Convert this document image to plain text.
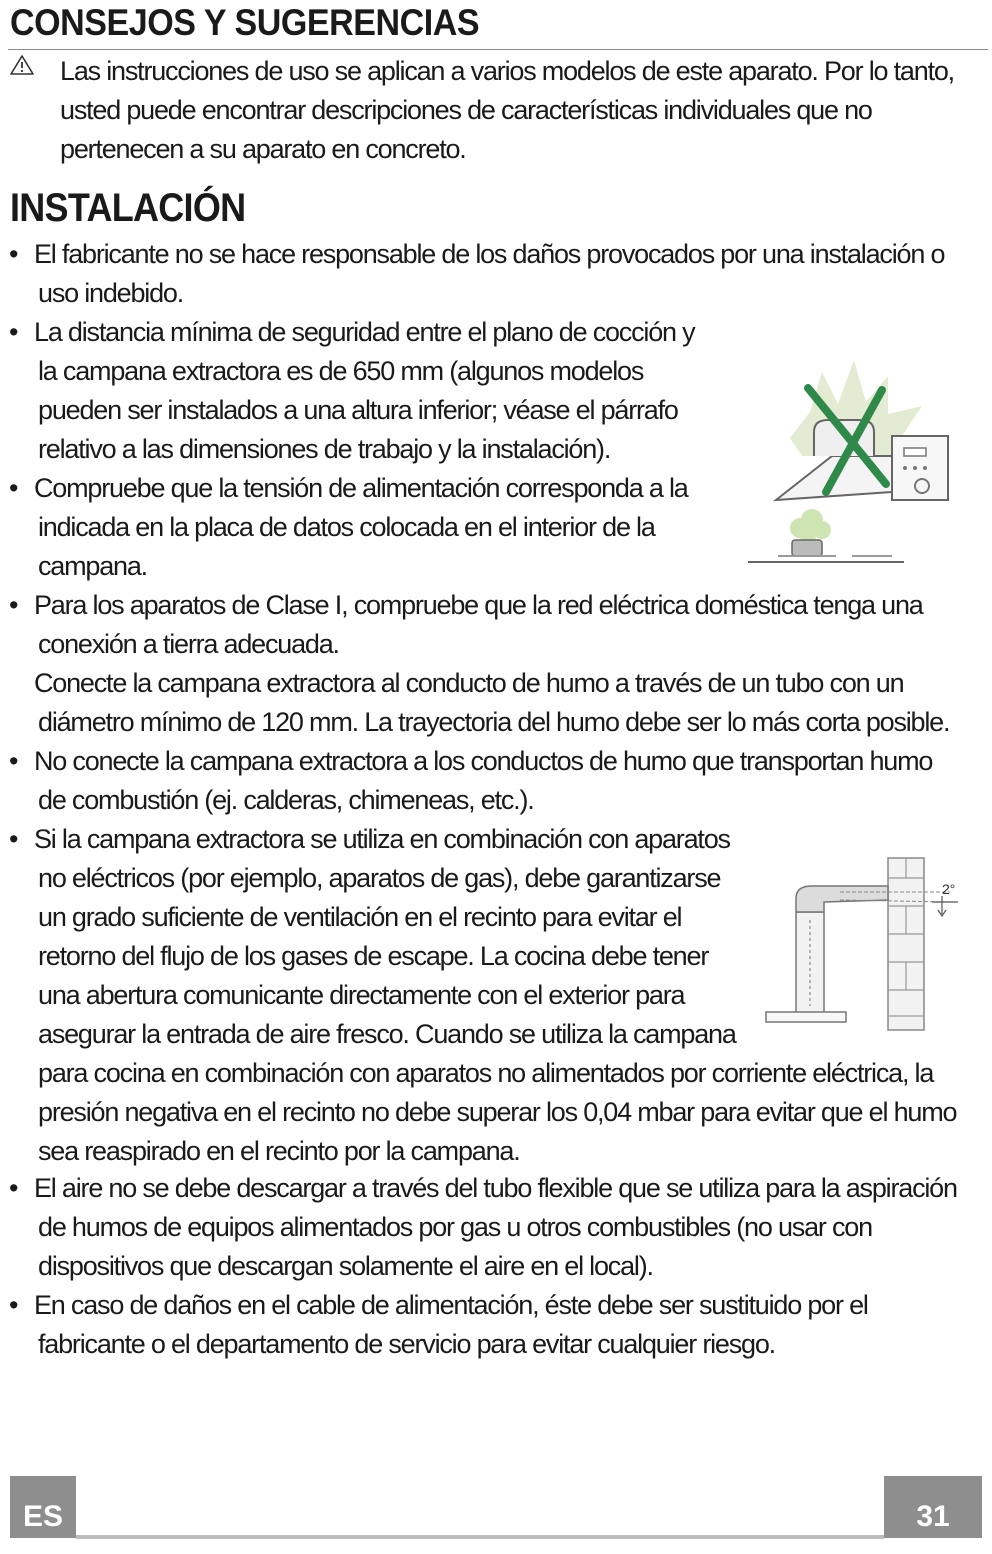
CONSEJOS Y SUGERENCIAS
Las instrucciones de uso se aplican a varios modelos de este aparato. Por lo tanto,
usted puede encontrar descripciones de características individuales que no
pertenecen a su aparato en concreto.
INSTALACIÓN
• El fabricante no se hace responsable de los daños provocados por una instalación o
uso indebido.
• La distancia mínima de seguridad entre el plano de cocción y
la campana extractora es de 650 mm (algunos modelos
pueden ser instalados a una altura inferior; véase el párrafo
relativo a las dimensiones de trabajo y la instalación).
• Compruebe que la tensión de alimentación corresponda a la
indicada en la placa de datos colocada en el interior de la
campana.
• Para los aparatos de Clase I, compruebe que la red eléctrica doméstica tenga una
conexión a tierra adecuada.
Conecte la campana extractora al conducto de humo a través de un tubo con un
diámetro mínimo de 120 mm. La trayectoria del humo debe ser lo más corta posible.
• No conecte la campana extractora a los conductos de humo que transportan humo
de combustión (ej. calderas, chimeneas, etc.).
• Si la campana extractora se utiliza en combinación con aparatos
no eléctricos (por ejemplo, aparatos de gas), debe garantizarse
un grado suficiente de ventilación en el recinto para evitar el
retorno del flujo de los gases de escape. La cocina debe tener
una abertura comunicante directamente con el exterior para
asegurar la entrada de aire fresco. Cuando se utiliza la campana
para cocina en combinación con aparatos no alimentados por corriente eléctrica, la
presión negativa en el recinto no debe superar los 0,04 mbar para evitar que el humo
sea reaspirado en el recinto por la campana.
2°
• El aire no se debe descargar a través del tubo flexible que se utiliza para la aspiración
de humos de equipos alimentados por gas u otros combustibles (no usar con
dispositivos que descargan solamente el aire en el local).
• En caso de daños en el cable de alimentación, éste debe ser sustituido por el
fabricante o el departamento de servicio para evitar cualquier riesgo.
ES	31
